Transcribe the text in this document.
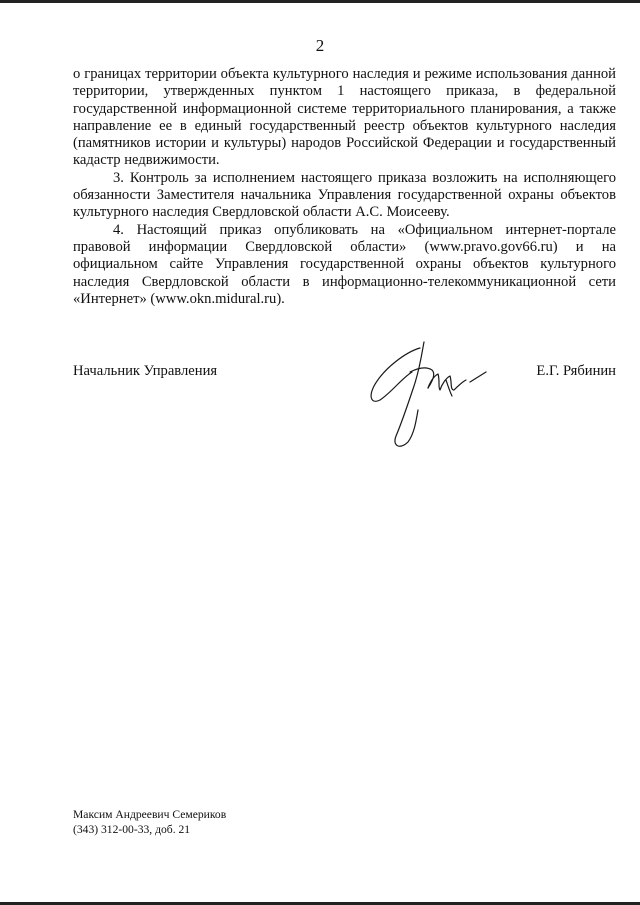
2

о границах территории объекта культурного наследия и режиме использования данной территории, утвержденных пунктом 1 настоящего приказа, в федеральной государственной информационной системе территориального планирования, а также направление ее в единый государственный реестр объектов культурного наследия (памятников истории и культуры) народов Российской Федерации и государственный кадастр недвижимости.

3. Контроль за исполнением настоящего приказа возложить на исполняющего обязанности Заместителя начальника Управления государственной охраны объектов культурного наследия Свердловской области А.С. Моисееву.

4. Настоящий приказ опубликовать на «Официальном интернет-портале правовой информации Свердловской области» (www.pravo.gov66.ru) и на официальном сайте Управления государственной охраны объектов культурного наследия Свердловской области в информационно-телекоммуникационной сети «Интернет» (www.okn.midural.ru).

Начальник Управления	Е.Г. Рябинин
Максим Андреевич Семериков
(343) 312-00-33, доб. 21
